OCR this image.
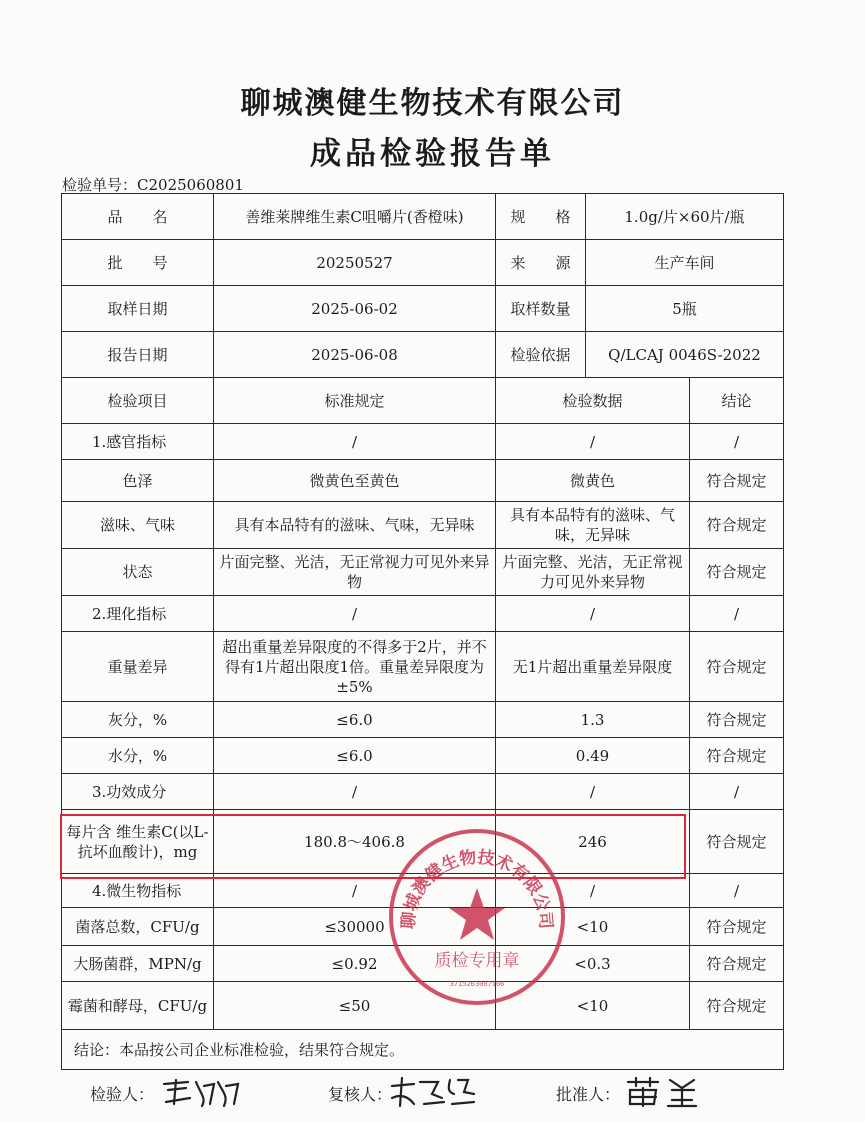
聊城澳健生物技术有限公司
成品检验报告单
检验单号：C2025060801
品　　名	善维莱牌维生素C咀嚼片(香橙味)	规　　格	1.0g/片×60片/瓶	
批　　号	20250527	来　　源	生产车间	
取样日期	2025-06-02	取样数量	5瓶	
报告日期	2025-06-08	检验依据	Q/LCAJ 0046S-2022	
检验项目	标准规定	检验数据		结论
1.感官指标	/	/		/
色泽	微黄色至黄色	微黄色		符合规定
滋味、气味	具有本品特有的滋味、气味，无异味	具有本品特有的滋味、气味，无异味		符合规定
状态	片面完整、光洁，无正常视力可见外来异物	片面完整、光洁，无正常视力可见外来异物		符合规定
2.理化指标	/	/		/
重量差异	超出重量差异限度的不得多于2片，并不得有1片超出限度1倍。重量差异限度为±5%	无1片超出重量差异限度		符合规定
灰分，%	≤6.0	1.3		符合规定
水分，%	≤6.0	0.49		符合规定
3.功效成分	/	/		/
每片含 维生素C(以L-抗坏血酸计)，mg	180.8～406.8	246		符合规定
4.微生物指标	/	/		/
菌落总数，CFU/g	≤30000	<10		符合规定
大肠菌群，MPN/g	≤0.92	<0.3		符合规定
霉菌和酵母，CFU/g	≤50	<10		符合规定
结论：本品按公司企业标准检验，结果符合规定。				
聊城澳健生物技术有限公司
质检专用章
3715263007166
检验人：	复核人：	批准人：
